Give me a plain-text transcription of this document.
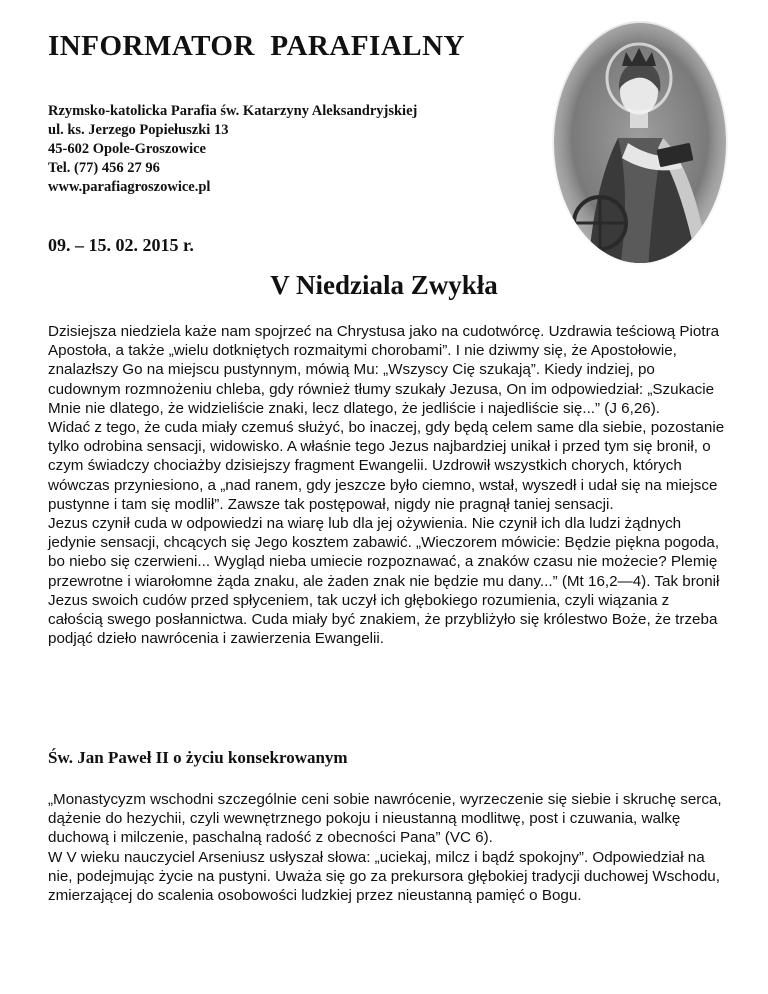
INFORMATOR  PARAFIALNY
Rzymsko-katolicka Parafia św. Katarzyny Aleksandryjskiej
ul. ks. Jerzego Popiełuszki 13
45-602 Opole-Groszowice
Tel. (77) 456 27 96
www.parafiagroszowice.pl
09. – 15. 02. 2015 r.
V Niedziala Zwykła

Dzisiejsza niedziela każe nam spojrzeć na Chrystusa jako na cudotwórcę. Uzdrawia teściową Piotra Apostoła, a także „wielu dotkniętych rozmaitymi chorobami”. I nie dziwmy się, że Apostołowie, znalazłszy Go na miejscu pustynnym, mówią Mu: „Wszyscy Cię szukają”. Kiedy indziej, po cudownym rozmnożeniu chleba, gdy również tłumy szukały Jezusa, On im odpowiedział: „Szukacie Mnie nie dlatego, że widzieliście znaki, lecz dlatego, że jedliście i najedliście się...” (J 6,26).

Widać z tego, że cuda miały czemuś służyć, bo inaczej, gdy będą celem same dla siebie, pozostanie tylko odrobina sensacji, widowisko. A właśnie tego Jezus najbardziej unikał i przed tym się bronił, o czym świadczy chociażby dzisiejszy fragment Ewangelii. Uzdrowił wszystkich chorych, których wówczas przyniesiono, a „nad ranem, gdy jeszcze było ciemno, wstał, wyszedł i udał się na miejsce pustynne i tam się modlił”. Zawsze tak postępował, nigdy nie pragnął taniej sensacji.

Jezus czynił cuda w odpowiedzi na wiarę lub dla jej ożywienia. Nie czynił ich dla ludzi żądnych jedynie sensacji, chcących się Jego kosztem zabawić. „Wieczorem mówicie: Będzie piękna pogoda, bo niebo się czerwieni... Wygląd nieba umiecie rozpoznawać, a znaków czasu nie możecie? Plemię przewrotne i wiarołomne żąda znaku, ale żaden znak nie będzie mu dany...” (Mt 16,2—4). Tak bronił Jezus swoich cudów przed spłyceniem, tak uczył ich głębokiego rozumienia, czyli wiązania z całością swego posłannictwa. Cuda miały być znakiem, że przybliżyło się królestwo Boże, że trzeba podjąć dzieło nawrócenia i zawierzenia Ewangelii.

Św. Jan Paweł II o życiu konsekrowanym

„Monastycyzm wschodni szczególnie ceni sobie nawrócenie, wyrzeczenie się siebie i skruchę serca, dążenie do hezychii, czyli wewnętrznego pokoju i nieustanną modlitwę, post i czuwania, walkę duchową i milczenie, paschalną radość z obecności Pana” (VC 6).

W V wieku nauczyciel Arseniusz usłyszał słowa: „uciekaj, milcz i bądź spokojny”. Odpowiedział na nie, podejmując życie na pustyni. Uważa się go za prekursora głębokiej tradycji duchowej Wschodu, zmierzającej do scalenia osobowości ludzkiej przez nieustanną pamięć o Bogu.
